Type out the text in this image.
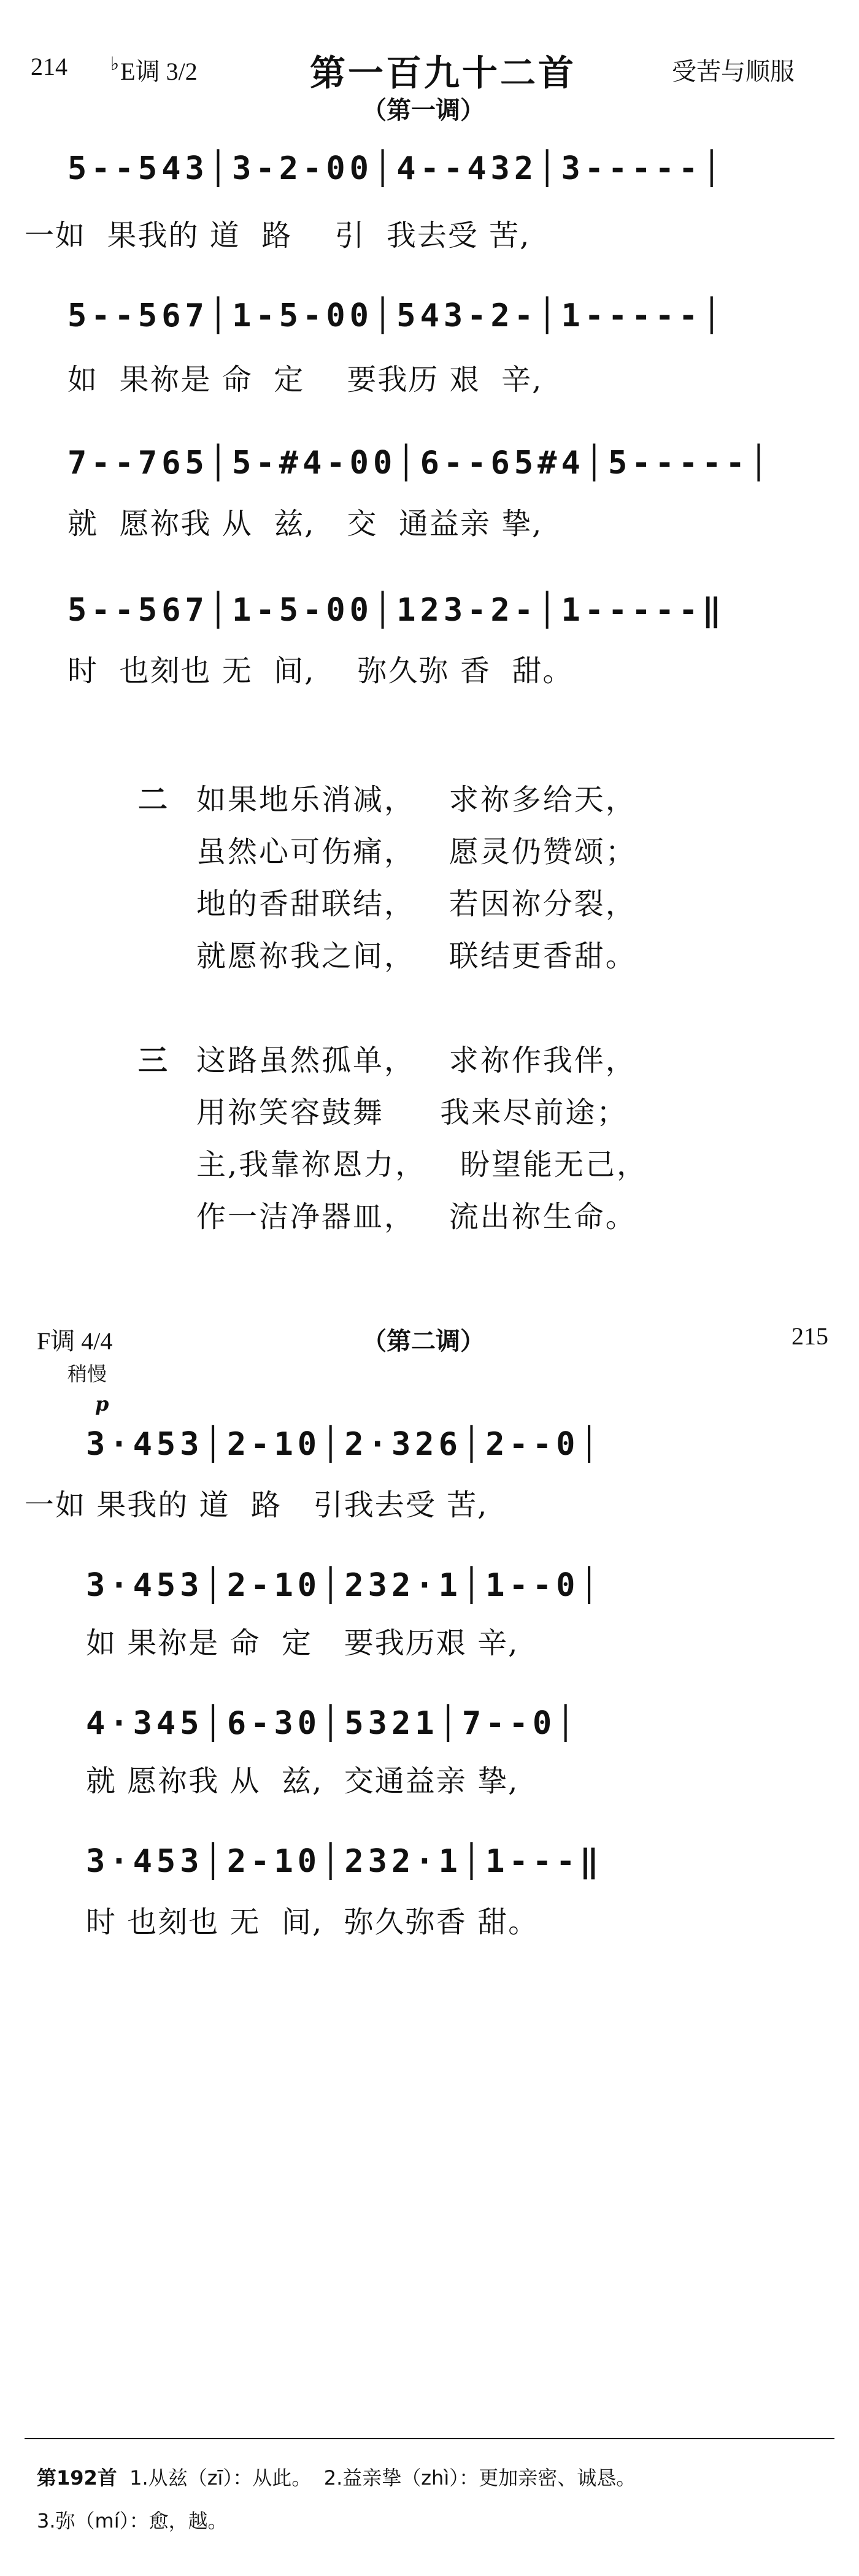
214 ♭E调 3/2	第一百九十二首	受苦与顺服
（第一调）
5--543│3-2-00│4--432│3-----│
一如  果我的 道  路    引  我去受 苦,
5--567│1-5-00│543-2-│1-----│
如  果祢是 命  定    要我历 艰  辛,
7--765│5-#4-00│6--65#4│5-----│
就  愿祢我 从  兹,   交  通益亲 挚,
5--567│1-5-00│123-2-│1-----‖
时  也刻也 无  间,    弥久弥 香  甜。
二 如果地乐消减，   求祢多给天，
虽然心可伤痛，   愿灵仍赞颂；
地的香甜联结，   若因祢分裂，
就愿祢我之间，   联结更香甜。
三 这路虽然孤单，   求祢作我伴，
用祢笑容鼓舞     我来尽前途；
主,我靠祢恩力，   盼望能无己，
作一洁净器皿，   流出祢生命。
F调 4/4	（第二调）	215
稍慢
p
3·453│2-10│2·326│2--0│
一如 果我的 道  路   引我去受 苦,
3·453│2-10│232·1│1--0│
如 果祢是 命  定   要我历艰 辛,
4·345│6-30│5321│7--0│
就 愿祢我 从  兹,  交通益亲 挚,
3·453│2-10│232·1│1---‖
时 也刻也 无  间,  弥久弥香 甜。
第192首  1.从兹（zī）：从此。  2.益亲挚（zhì）：更加亲密、诚恳。
3.弥（mí）：愈，越。
